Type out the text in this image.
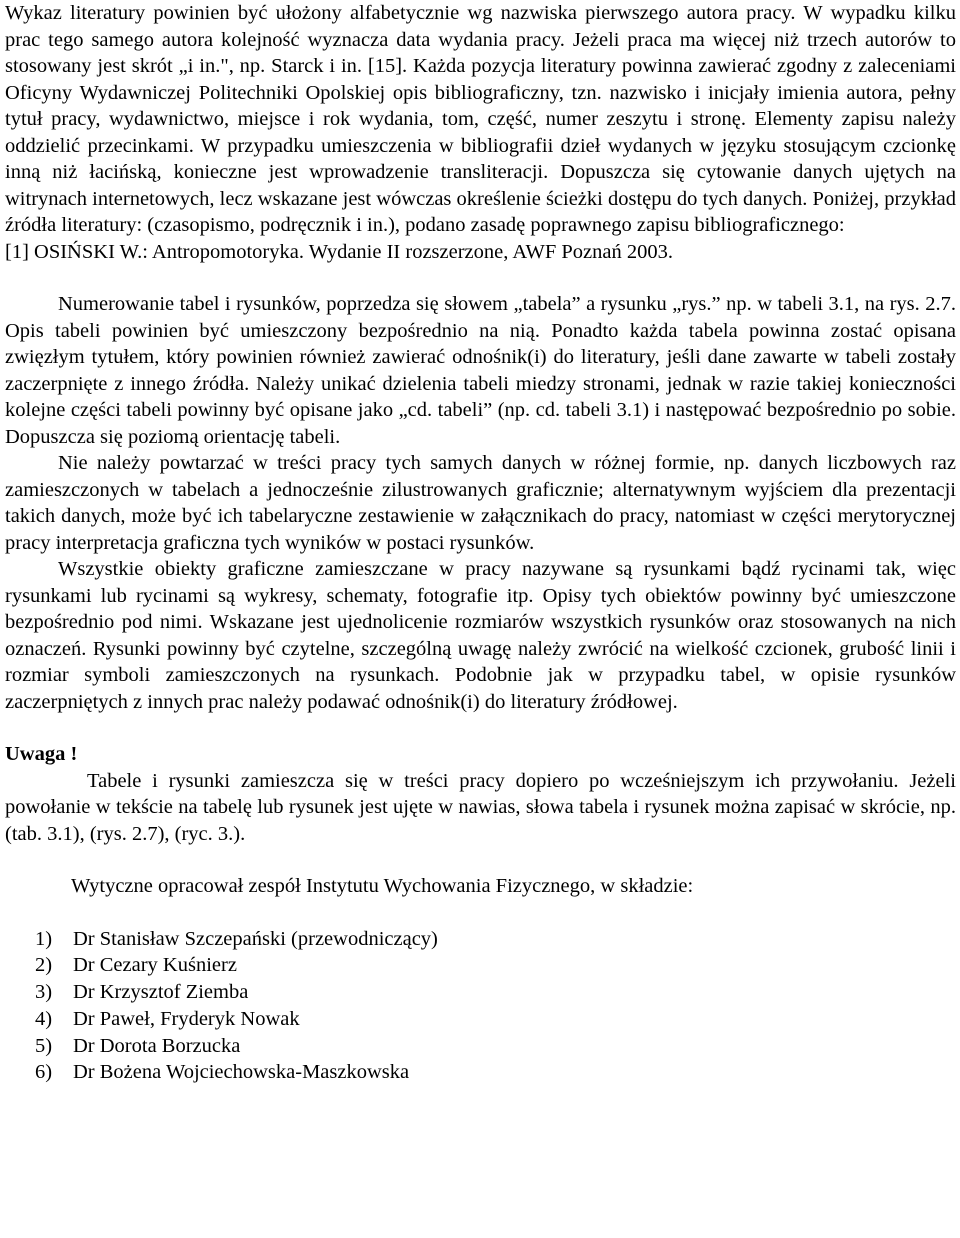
Wykaz literatury powinien być ułożony alfabetycznie wg nazwiska pierwszego autora pracy. W wypadku kilku prac tego samego autora kolejność wyznacza data wydania pracy. Jeżeli praca ma więcej niż trzech autorów to stosowany jest skrót „i in.", np. Starck i in. [15]. Każda pozycja literatury powinna zawierać zgodny z zaleceniami Oficyny Wydawniczej Politechniki Opolskiej opis bibliograficzny, tzn. nazwisko i inicjały imienia autora, pełny tytuł pracy, wydawnictwo, miejsce i rok wydania, tom, część, numer zeszytu i stronę. Elementy zapisu należy oddzielić przecinkami. W przypadku umieszczenia w bibliografii dzieł wydanych w języku stosującym czcionkę inną niż łacińską, konieczne jest wprowadzenie transliteracji. Dopuszcza się cytowanie danych ujętych na witrynach internetowych, lecz wskazane jest wówczas określenie ścieżki dostępu do tych danych. Poniżej, przykład źródła literatury: (czasopismo, podręcznik i in.), podano zasadę poprawnego zapisu bibliograficznego:

[1] OSIŃSKI W.: Antropomotoryka. Wydanie II rozszerzone, AWF Poznań 2003.

Numerowanie tabel i rysunków, poprzedza się słowem „tabela” a rysunku „rys.” np. w tabeli 3.1, na rys. 2.7. Opis tabeli powinien być umieszczony bezpośrednio na nią. Ponadto każda tabela powinna zostać opisana zwięzłym tytułem, który powinien również zawierać odnośnik(i) do literatury, jeśli dane zawarte w tabeli zostały zaczerpnięte z innego źródła. Należy unikać dzielenia tabeli miedzy stronami, jednak w razie takiej konieczności kolejne części tabeli powinny być opisane jako „cd. tabeli” (np. cd. tabeli 3.1) i następować bezpośrednio po sobie. Dopuszcza się poziomą orientację tabeli.

Nie należy powtarzać w treści pracy tych samych danych w różnej formie, np. danych liczbowych raz zamieszczonych w tabelach a jednocześnie zilustrowanych graficznie; alternatywnym wyjściem dla prezentacji takich danych, może być ich tabelaryczne zestawienie w załącznikach do pracy, natomiast w części merytorycznej pracy interpretacja graficzna tych wyników w postaci rysunków.

Wszystkie obiekty graficzne zamieszczane w pracy nazywane są rysunkami bądź rycinami tak, więc rysunkami lub rycinami są wykresy, schematy, fotografie itp. Opisy tych obiektów powinny być umieszczone bezpośrednio pod nimi. Wskazane jest ujednolicenie rozmiarów wszystkich rysunków oraz stosowanych na nich oznaczeń. Rysunki powinny być czytelne, szczególną uwagę należy zwrócić na wielkość czcionek, grubość linii i rozmiar symboli zamieszczonych na rysunkach. Podobnie jak w przypadku tabel, w opisie rysunków zaczerpniętych z innych prac należy podawać odnośnik(i) do literatury źródłowej.

Uwaga !

Tabele i rysunki zamieszcza się w treści pracy dopiero po wcześniejszym ich przywołaniu. Jeżeli powołanie w tekście na tabelę lub rysunek jest ujęte w nawias, słowa tabela i rysunek można zapisać w skrócie, np. (tab. 3.1), (rys. 2.7), (ryc. 3.).

Wytyczne opracował zespół Instytutu Wychowania Fizycznego, w składzie:

1)	Dr Stanisław Szczepański (przewodniczący)
2)	Dr Cezary Kuśnierz
3)	Dr Krzysztof Ziemba
4)	Dr Paweł, Fryderyk Nowak
5)	Dr Dorota Borzucka
6)	Dr Bożena Wojciechowska-Maszkowska
